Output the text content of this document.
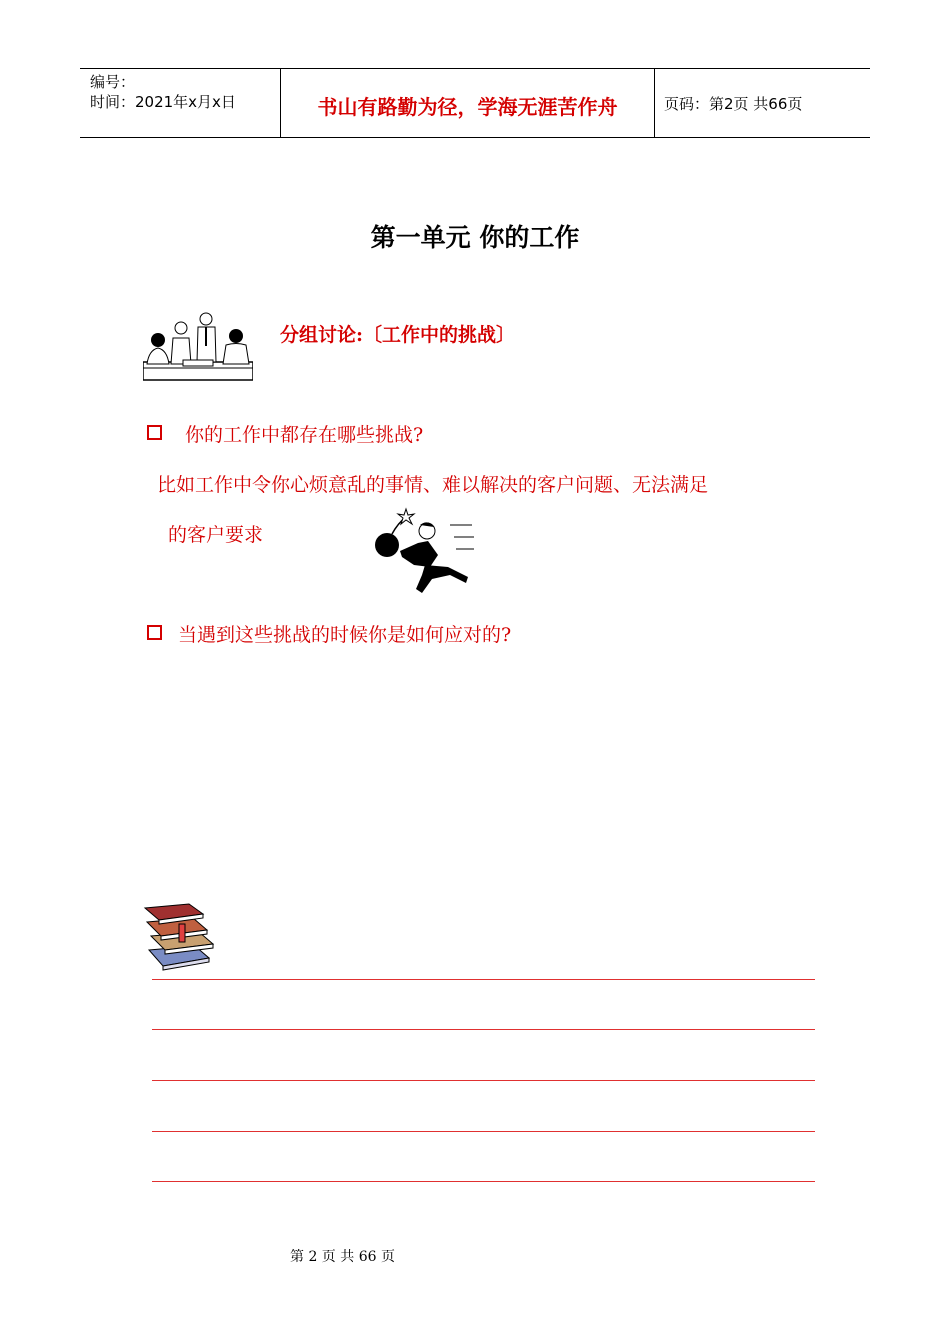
编号：
时间：2021年x月x日	书山有路勤为径，学海无涯苦作舟	页码：第2页 共66页
第一单元 你的工作
分组讨论:〔工作中的挑战〕
你的工作中都存在哪些挑战?
比如工作中令你心烦意乱的事情、难以解决的客户问题、无法满足
的客户要求
当遇到这些挑战的时候你是如何应对的?
第 2 页 共 66 页
